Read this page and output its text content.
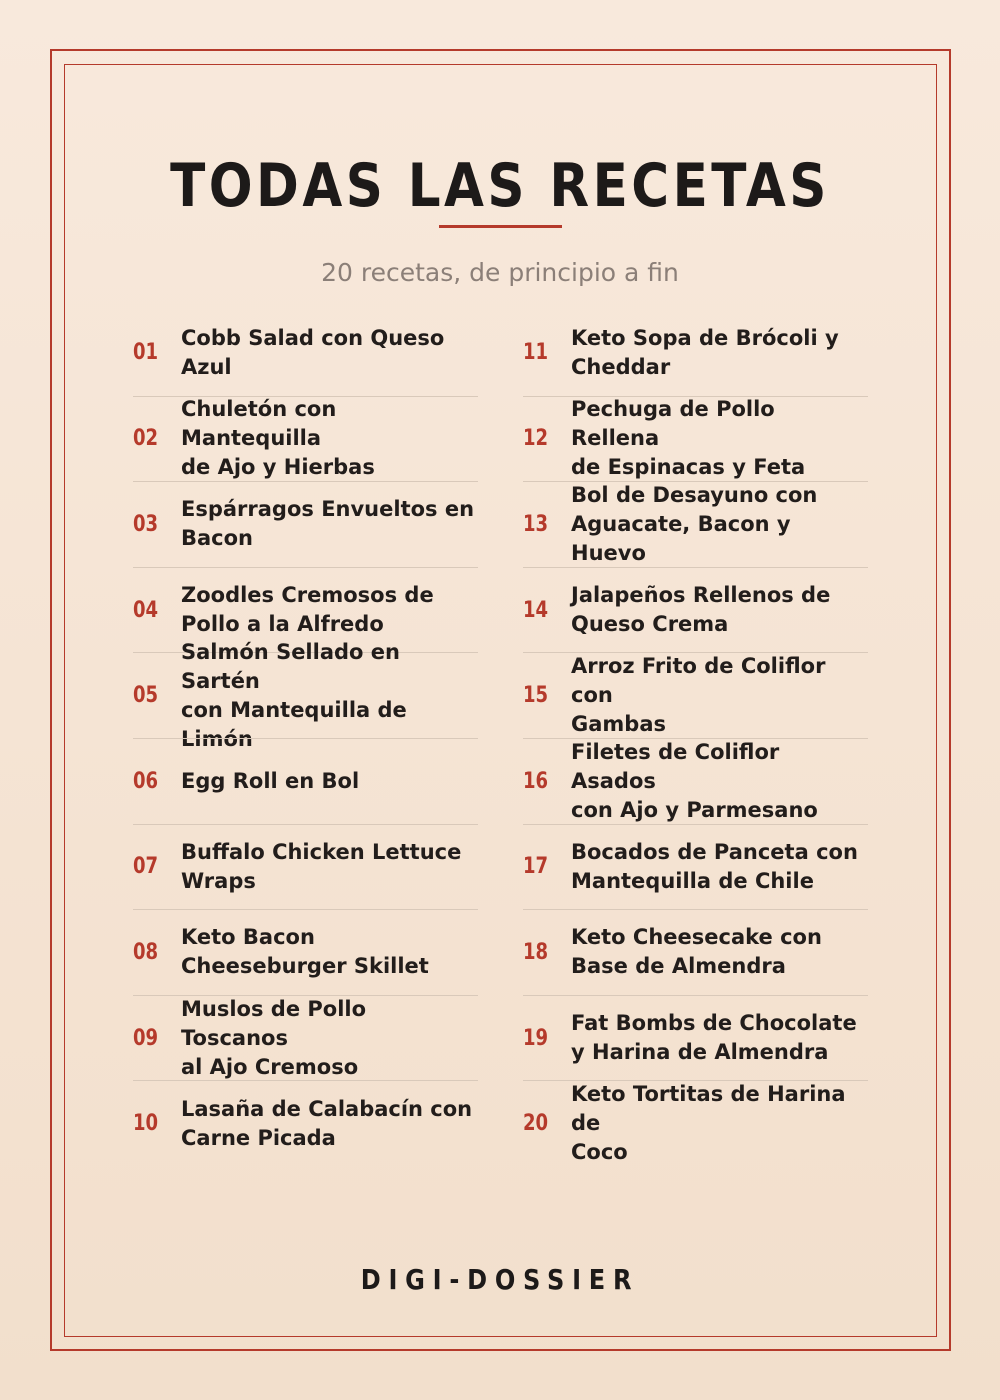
TODAS LAS RECETAS
20 recetas, de principio a fin
01
Cobb Salad con Queso
Azul
02
Chuletón con Mantequilla
de Ajo y Hierbas
03
Espárragos Envueltos en
Bacon
04
Zoodles Cremosos de
Pollo a la Alfredo
05
Salmón Sellado en Sartén
con Mantequilla de Limón
06 Egg Roll en Bol
07
Buffalo Chicken Lettuce
Wraps
08
Keto Bacon
Cheeseburger Skillet
09
Muslos de Pollo Toscanos
al Ajo Cremoso
10
Lasaña de Calabacín con
Carne Picada
11
Keto Sopa de Brócoli y
Cheddar
12
Pechuga de Pollo Rellena
de Espinacas y Feta
13
Bol de Desayuno con
Aguacate, Bacon y Huevo
14
Jalapeños Rellenos de
Queso Crema
15
Arroz Frito de Coliflor con
Gambas
16
Filetes de Coliflor Asados
con Ajo y Parmesano
17
Bocados de Panceta con
Mantequilla de Chile
18
Keto Cheesecake con
Base de Almendra
19
Fat Bombs de Chocolate
y Harina de Almendra
20
Keto Tortitas de Harina de
Coco
DIGI-DOSSIER
